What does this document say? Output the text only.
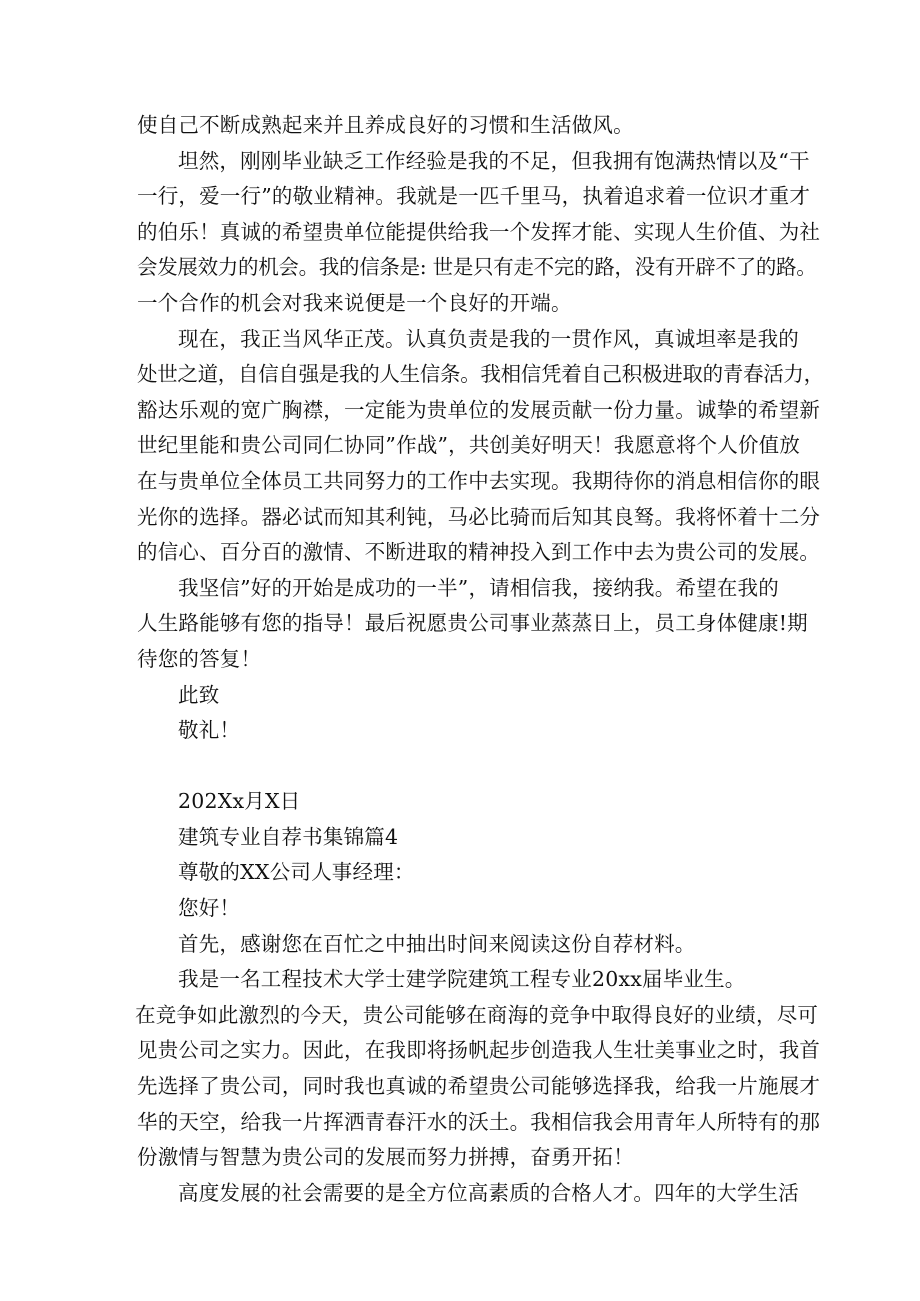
使自己不断成熟起来并且养成良好的习惯和生活做风。
坦然，刚刚毕业缺乏工作经验是我的不足，但我拥有饱满热情以及“干
一行，爱一行”的敬业精神。我就是一匹千里马，执着追求着一位识才重才
的伯乐！真诚的希望贵单位能提供给我一个发挥才能、实现人生价值、为社
会发展效力的机会。我的信条是: 世是只有走不完的路，没有开辟不了的路。
一个合作的机会对我来说便是一个良好的开端。
现在，我正当风华正茂。认真负责是我的一贯作风，真诚坦率是我的
处世之道，自信自强是我的人生信条。我相信凭着自己积极进取的青春活力，
豁达乐观的宽广胸襟，一定能为贵单位的发展贡献一份力量。诚挚的希望新
世纪里能和贵公司同仁协同”作战”，共创美好明天！我愿意将个人价值放
在与贵单位全体员工共同努力的工作中去实现。我期待你的消息相信你的眼
光你的选择。器必试而知其利钝，马必比骑而后知其良驽。我将怀着十二分
的信心、百分百的激情、不断进取的精神投入到工作中去为贵公司的发展。
我坚信”好的开始是成功的一半”，请相信我，接纳我。希望在我的
人生路能够有您的指导！最后祝愿贵公司事业蒸蒸日上，员工身体健康!期
待您的答复！
此致
敬礼！
202Xx月X日
建筑专业自荐书集锦篇4
尊敬的XX公司人事经理：
您好！
首先，感谢您在百忙之中抽出时间来阅读这份自荐材料。
我是一名工程技术大学士建学院建筑工程专业20xx届毕业生。
在竞争如此激烈的今天，贵公司能够在商海的竞争中取得良好的业绩，尽可
见贵公司之实力。因此，在我即将扬帆起步创造我人生壮美事业之时，我首
先选择了贵公司，同时我也真诚的希望贵公司能够选择我，给我一片施展才
华的天空，给我一片挥洒青春汗水的沃土。我相信我会用青年人所特有的那
份激情与智慧为贵公司的发展而努力拼搏，奋勇开拓！
高度发展的社会需要的是全方位高素质的合格人才。四年的大学生活
